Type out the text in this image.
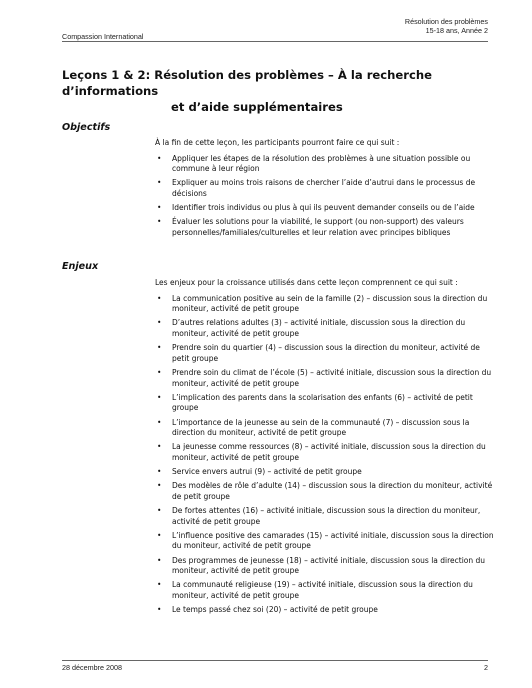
Compassion International
Résolution des problèmes
15-18 ans, Année 2
Leçons 1 & 2: Résolution des problèmes – À la recherche d’informations
et d’aide supplémentaires
Objectifs

À la fin de cette leçon, les participants pourront faire ce qui suit :

• Appliquer les étapes de la résolution des problèmes à une situation possible ou commune à leur région
• Expliquer au moins trois raisons de chercher l’aide d’autrui dans le processus de décisions
• Identifier trois individus ou plus à qui ils peuvent demander conseils ou de l’aide
• Évaluer les solutions pour la viabilité, le support (ou non-support) des valeurs personnelles/familiales/culturelles et leur relation avec principes bibliques
Enjeux

Les enjeux pour la croissance utilisés dans cette leçon comprennent ce qui suit :

• La communication positive au sein de la famille (2) – discussion sous la direction du moniteur, activité de petit groupe
• D’autres relations adultes (3) – activité initiale, discussion sous la direction du moniteur, activité de petit groupe
• Prendre soin du quartier (4) – discussion sous la direction du moniteur, activité de petit groupe
• Prendre soin du climat de l’école (5) – activité initiale, discussion sous la direction du moniteur, activité de petit groupe
• L’implication des parents dans la scolarisation des enfants (6) – activité de petit groupe
• L’importance de la jeunesse au sein de la communauté (7) – discussion sous la direction du moniteur, activité de petit groupe
• La jeunesse comme ressources (8) – activité initiale, discussion sous la direction du moniteur, activité de petit groupe
• Service envers autrui (9) – activité de petit groupe
• Des modèles de rôle d’adulte (14) – discussion sous la direction du moniteur, activité de petit groupe
• De fortes attentes (16) – activité initiale, discussion sous la direction du moniteur, activité de petit groupe
• L’influence positive des camarades (15) – activité initiale, discussion sous la direction du moniteur, activité de petit groupe
• Des programmes de jeunesse (18) – activité initiale, discussion sous la direction du moniteur, activité de petit groupe
• La communauté religieuse (19) – activité initiale, discussion sous la direction du moniteur, activité de petit groupe
• Le temps passé chez soi (20) – activité de petit groupe
28 décembre 2008	2
